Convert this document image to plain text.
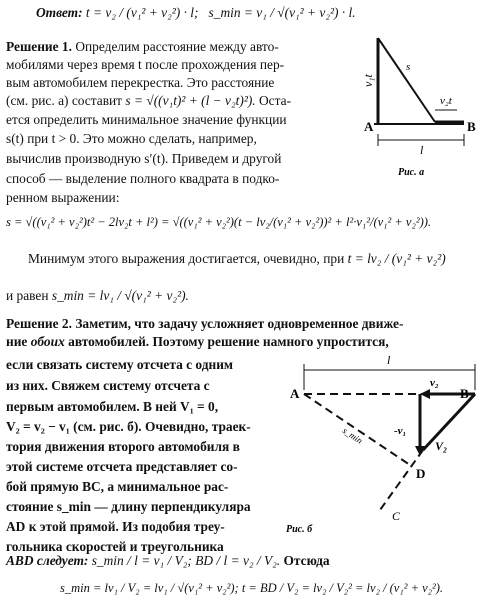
Ответ: t = v₂ / (v₁² + v₂²) · l; s_min = v₁ / √(v₁² + v₂²) · l.
Решение 1. Определим расстояние между авто-
мобилями через время t после прохождения пер-
вым автомобилем перекрестка. Это расстояние
(см. рис. а) составит s = √((v₁t)² + (l − v₂t)²). Оста-
ется определить минимальное значение функции
s(t) при t > 0. Это можно сделать, например,
вычислив производную s′(t). Приведем и другой
способ — выделение полного квадрата в подко-
ренном выражении:
s = √((v₁² + v₂²)t² − 2lv₂t + l²) = √((v₁² + v₂²)(t − lv₂/(v₁² + v₂²))² + l²·v₁²/(v₁² + v₂²)).
Минимум этого выражения достигается, очевидно, при t = lv₂ / (v₁² + v₂²)
и равен s_min = lv₁ / √(v₁² + v₂²).
Решение 2. Заметим, что задачу усложняет одновременное движе-
ние обоих автомобилей. Поэтому решение намного упростится,
если связать систему отсчета с одним
из них. Свяжем систему отсчета с
первым автомобилем. В ней V₁ = 0,
V₂ = v₂ − v₁ (см. рис. б). Очевидно, траек-
тория движения второго автомобиля в
этой системе отсчета представляет со-
бой прямую BC, а минимальное рас-
стояние s_min — длину перпендикуляра
AD к этой прямой. Из подобия треу-
гольника скоростей и треугольника
ABD следует: s_min / l = v₁ / V₂; BD / l = v₂ / V₂. Отсюда
s_min = lv₁ / V₂ = lv₁ / √(v₁² + v₂²); t = BD / V₂ = lv₂ / V₂² = lv₂ / (v₁² + v₂²).
v₁t
s
v₂t
A	B
l
Рис. а
A	B
l
v₂
-v₁
V₂
s_min
D
C
Рис. б
